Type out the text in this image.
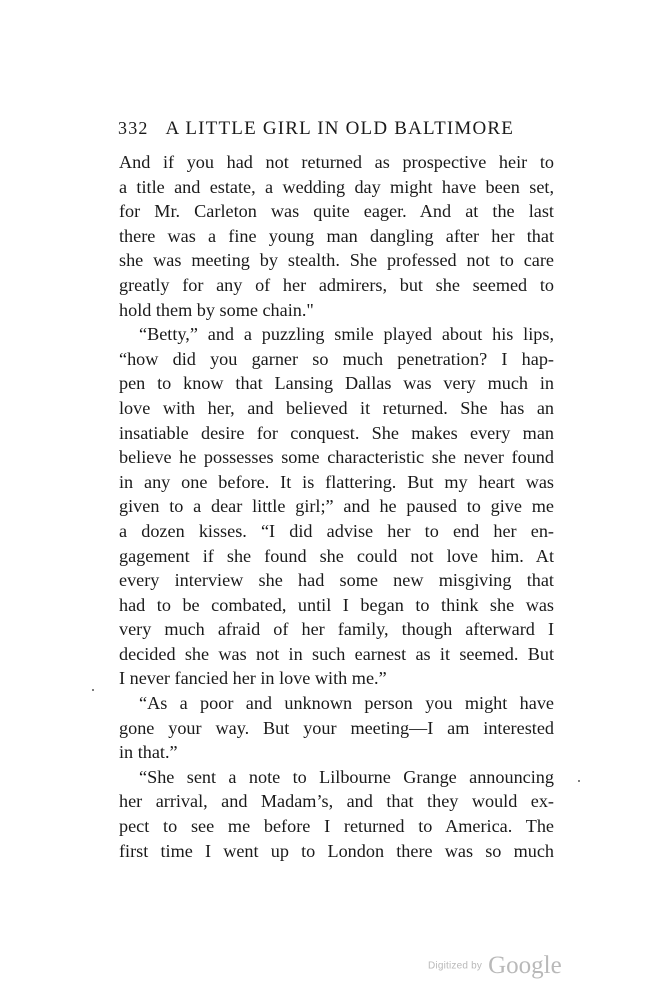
332 A LITTLE GIRL IN OLD BALTIMORE
And if you had not returned as prospective heir to
a title and estate, a wedding day might have been set,
for Mr. Carleton was quite eager. And at the last
there was a fine young man dangling after her that
she was meeting by stealth. She professed not to care
greatly for any of her admirers, but she seemed to
hold them by some chain."
“Betty,” and a puzzling smile played about his lips,
“how did you garner so much penetration? I hap-
pen to know that Lansing Dallas was very much in
love with her, and believed it returned. She has an
insatiable desire for conquest. She makes every man
believe he possesses some characteristic she never found
in any one before. It is flattering. But my heart was
given to a dear little girl;” and he paused to give me
a dozen kisses. “I did advise her to end her en-
gagement if she found she could not love him. At
every interview she had some new misgiving that
had to be combated, until I began to think she was
very much afraid of her family, though afterward I
decided she was not in such earnest as it seemed. But
I never fancied her in love with me.”
“As a poor and unknown person you might have
gone your way. But your meeting—I am interested
in that.”
“She sent a note to Lilbourne Grange announcing
her arrival, and Madam’s, and that they would ex-
pect to see me before I returned to America. The
first time I went up to London there was so much
Digitized by Google
